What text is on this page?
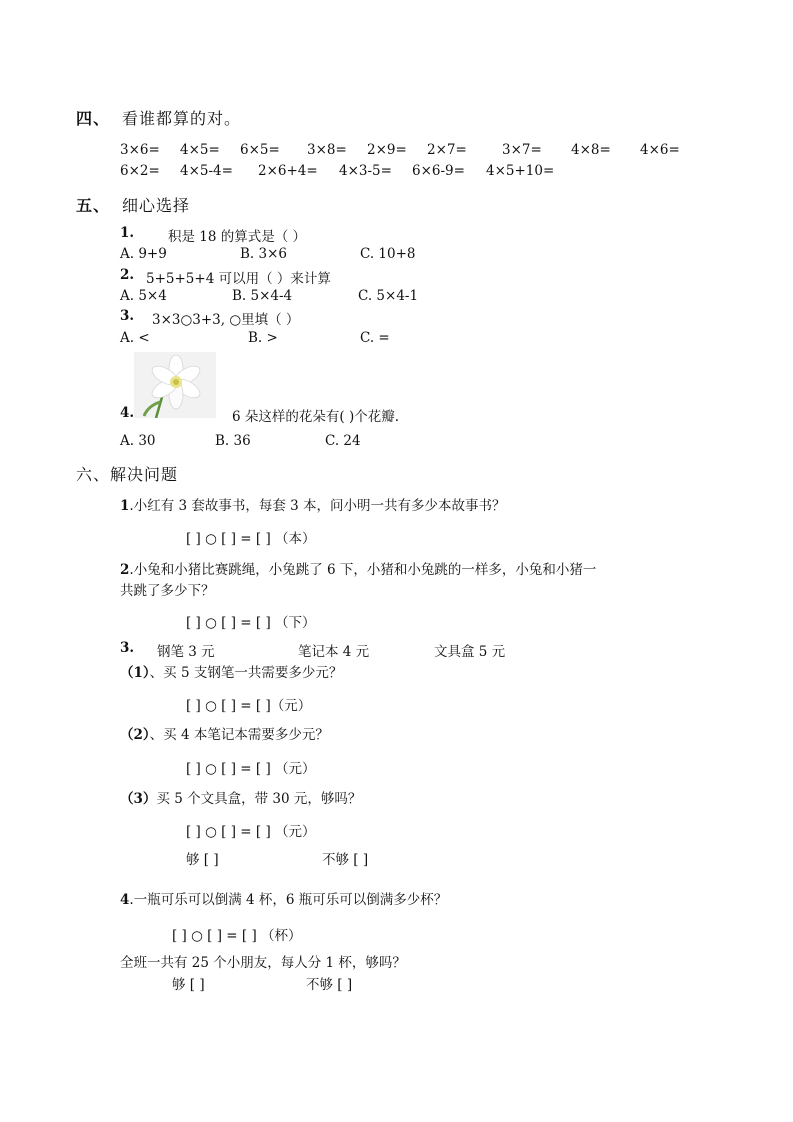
四、 看谁都算的对。
3×6= 4×5= 6×5= 3×8= 2×9= 2×7=	3×7= 4×8= 4×6=
6×2= 4×5-4= 2×6+4= 4×3-5= 6×6-9= 4×5+10=
五、 细心选择
1.	积是 18 的算式是（ ）
A. 9+9	B. 3×6	C. 10+8
2. 5+5+5+4 可以用（ ）来计算
A. 5×4	B. 5×4-4	C. 5×4-1
3. 3×3○3+3, ○里填（ ）
A. <	B. >	C. =
4.	6 朵这样的花朵有( )个花瓣.
A. 30	B. 36	C. 24
六、解决问题
1.小红有 3 套故事书，每套 3 本，问小明一共有多少本故事书？
[ ] ○ [ ] = [ ] （本）
2.小兔和小猪比赛跳绳，小兔跳了 6 下，小猪和小兔跳的一样多，小兔和小猪一
共跳了多少下？
[ ] ○ [ ] = [ ] （下）
3. 钢笔 3 元	笔记本 4 元	文具盒 5 元
（1）、买 5 支钢笔一共需要多少元？
[ ] ○ [ ] = [ ]（元）
（2）、买 4 本笔记本需要多少元？
[ ] ○ [ ] = [ ] （元）
（3）买 5 个文具盒，带 30 元，够吗？
[ ] ○ [ ] = [ ] （元）
够 [ ]	不够 [ ]
4.一瓶可乐可以倒满 4 杯，6 瓶可乐可以倒满多少杯？
[ ] ○ [ ] = [ ] （杯）
全班一共有 25 个小朋友，每人分 1 杯，够吗？
够 [ ]	不够 [ ]
